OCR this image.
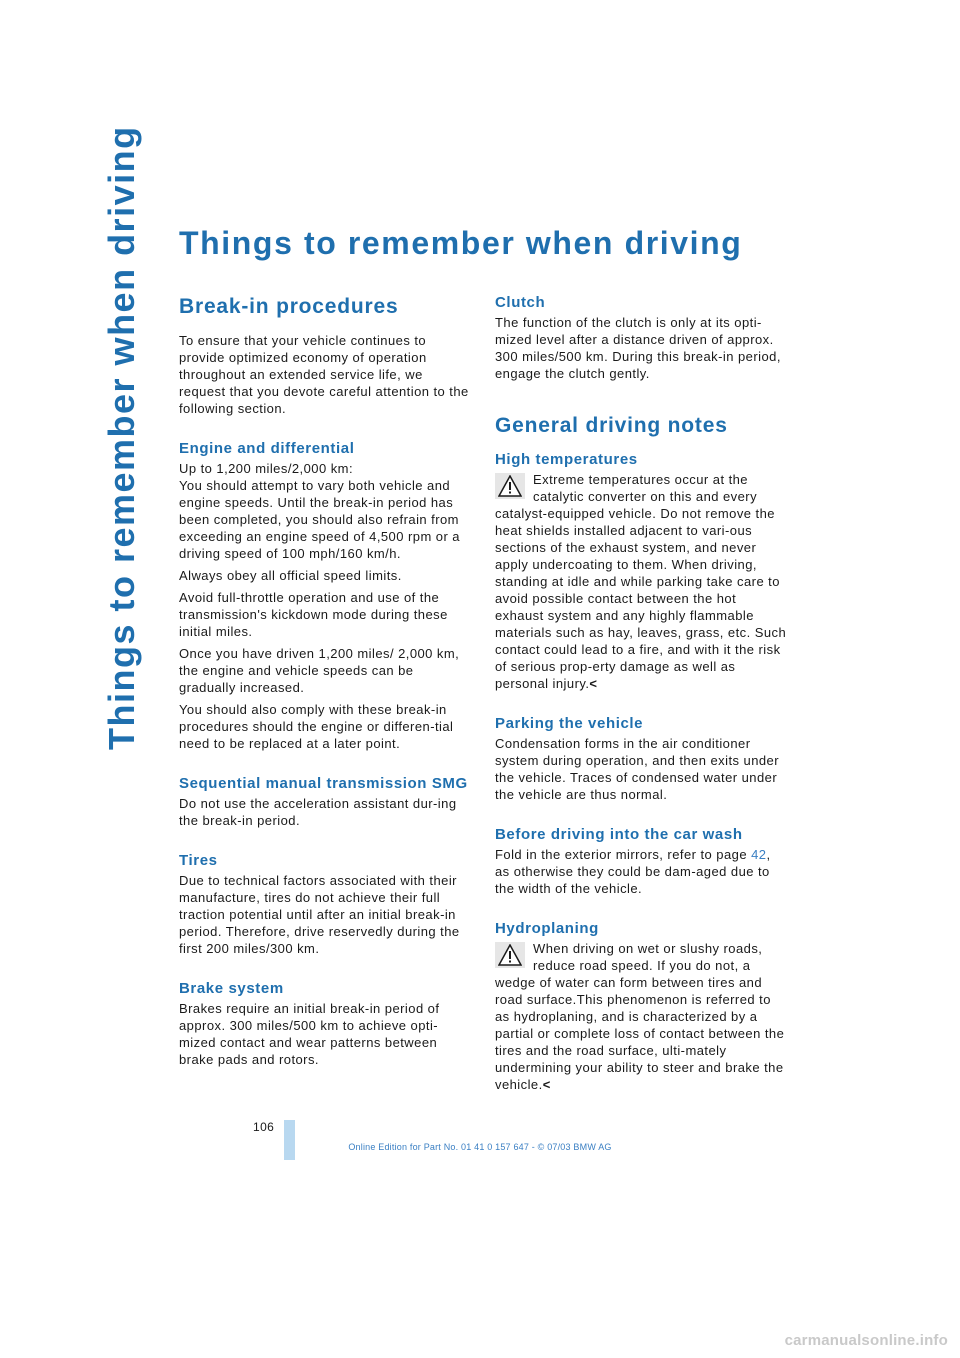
Things to remember when driving Things to remember when driving
Break-in procedures

To ensure that your vehicle continues to provide optimized economy of operation throughout an extended service life, we request that you devote careful attention to the following section.

Engine and differential

Up to 1,200 miles/2,000 km:
You should attempt to vary both vehicle and engine speeds. Until the break-in period has been completed, you should also refrain from exceeding an engine speed of 4,500 rpm or a driving speed of 100 mph/160 km/h.

Always obey all official speed limits.

Avoid full-throttle operation and use of the transmission's kickdown mode during these initial miles.

Once you have driven 1,200 miles/ 2,000 km, the engine and vehicle speeds can be gradually increased.

You should also comply with these break-in procedures should the engine or differen-tial need to be replaced at a later point.

Sequential manual transmission SMG

Do not use the acceleration assistant dur-ing the break-in period.

Tires

Due to technical factors associated with their manufacture, tires do not achieve their full traction potential until after an initial break-in period. Therefore, drive reservedly during the first 200 miles/300 km.

Brake system

Brakes require an initial break-in period of approx. 300 miles/500 km to achieve opti-mized contact and wear patterns between brake pads and rotors.

Clutch

The function of the clutch is only at its opti-mized level after a distance driven of approx. 300 miles/500 km. During this break-in period, engage the clutch gently.

General driving notes
High temperatures

Extreme temperatures occur at the catalytic converter on this and every catalyst-equipped vehicle. Do not remove the heat shields installed adjacent to vari-ous sections of the exhaust system, and never apply undercoating to them. When driving, standing at idle and while parking take care to avoid possible contact between the hot exhaust system and any highly flammable materials such as hay, leaves, grass, etc. Such contact could lead to a fire, and with it the risk of serious prop-erty damage as well as personal injury.<

Parking the vehicle

Condensation forms in the air conditioner system during operation, and then exits under the vehicle. Traces of condensed water under the vehicle are thus normal.

Before driving into the car wash

Fold in the exterior mirrors, refer to page 42, as otherwise they could be dam-aged due to the width of the vehicle.

Hydroplaning

When driving on wet or slushy roads, reduce road speed. If you do not, a wedge of water can form between tires and road surface.This phenomenon is referred to as hydroplaning, and is characterized by a partial or complete loss of contact between the tires and the road surface, ulti-mately undermining your ability to steer and brake the vehicle.<

106
Online Edition for Part No. 01 41 0 157 647 - © 07/03 BMW AG
carmanualsonline.info
